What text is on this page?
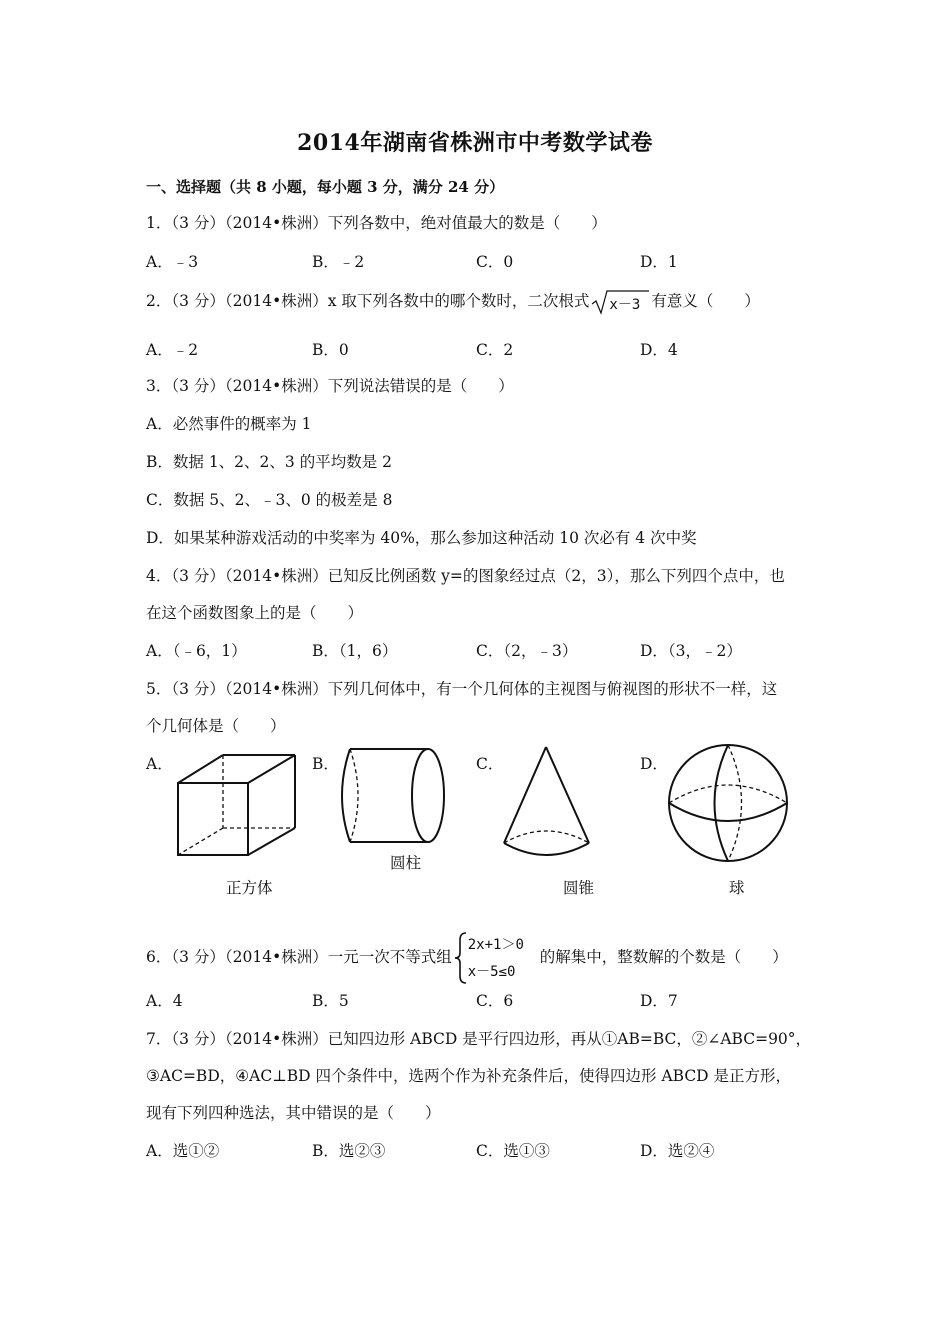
2014年湖南省株洲市中考数学试卷
一、选择题（共 8 小题，每小题 3 分，满分 24 分）
1．（3 分）（2014•株洲）下列各数中，绝对值最大的数是（　　）
A．﹣3	B．﹣2	C．0	D．1
2．（3 分）（2014•株洲）x 取下列各数中的哪个数时，二次根式 x－3 有意义（　　）
A．﹣2	B．0	C．2	D．4
3．（3 分）（2014•株洲）下列说法错误的是（　　）
A．必然事件的概率为 1
B．数据 1、2、2、3 的平均数是 2
C．数据 5、2、﹣3、0 的极差是 8
D．如果某种游戏活动的中奖率为 40%，那么参加这种活动 10 次必有 4 次中奖
4．（3 分）（2014•株洲）已知反比例函数 y=的图象经过点（2，3），那么下列四个点中，也
在这个函数图象上的是（　　）
A．（﹣6，1）	B．（1，6）	C．（2，﹣3）	D．（3，﹣2）
5．（3 分）（2014•株洲）下列几何体中，有一个几何体的主视图与俯视图的形状不一样，这
个几何体是（　　）
A．	B．	C．	D．
正方体
圆柱
圆锥	球
6．（3 分）（2014•株洲）一元一次不等式组
2x+1＞0
x－5≤0
的解集中，整数解的个数是（　　）
A．4	B．5	C．6	D．7
7．（3 分）（2014•株洲）已知四边形 ABCD 是平行四边形，再从①AB=BC，②∠ABC=90°，
③AC=BD，④AC⊥BD 四个条件中，选两个作为补充条件后，使得四边形 ABCD 是正方形，
现有下列四种选法，其中错误的是（　　）
A．选①②	B．选②③	C．选①③	D．选②④
